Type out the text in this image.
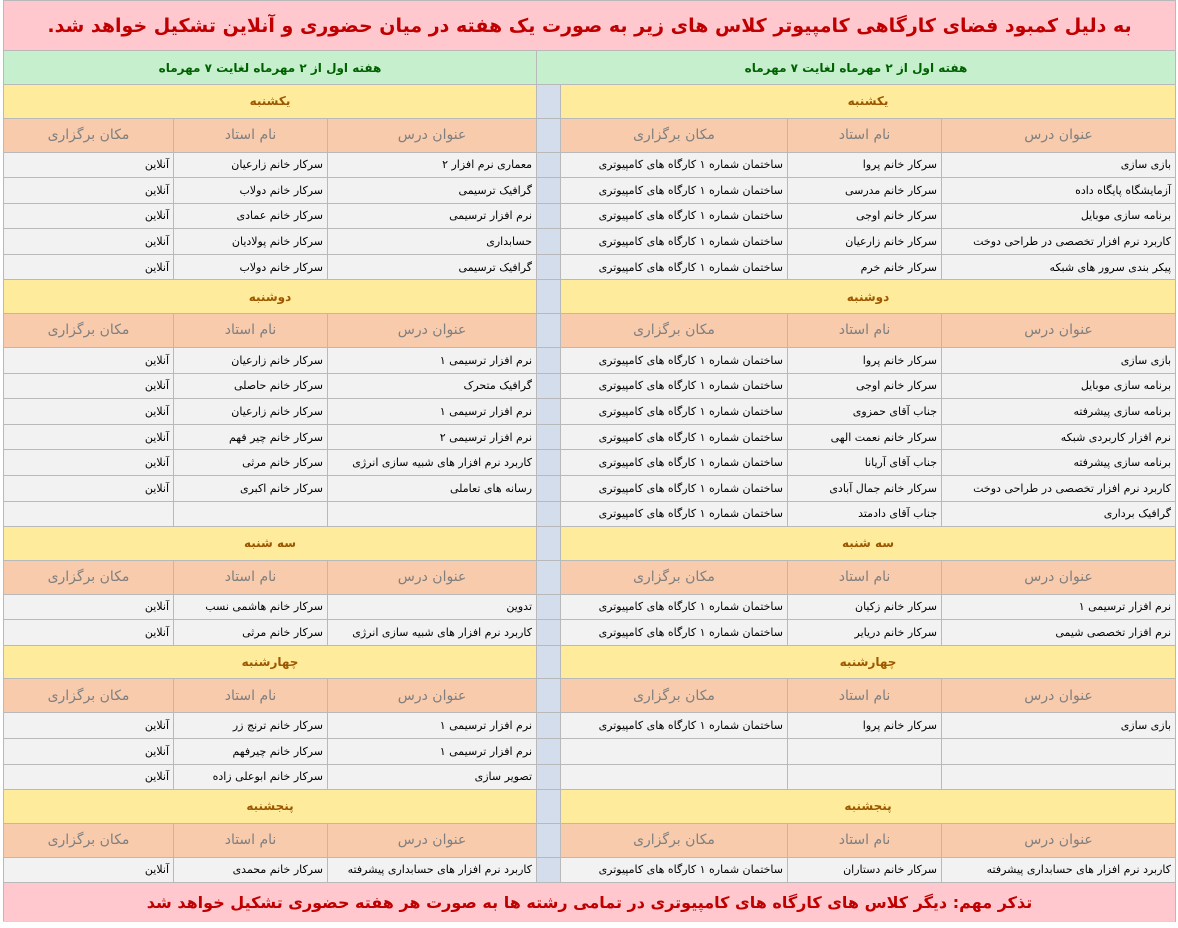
به دلیل کمبود فضای کارگاهی کامپیوتر کلاس های زیر به صورت یک هفته در میان حضوری و آنلاین تشکیل خواهد شد.						
هفته اول از ۲ مهرماه لغایت ۷ مهرماه				هفته اول از ۲ مهرماه لغایت ۷ مهرماه		
یکشنبه				یکشنبه		
عنوان درس	نام استاد	مکان برگزاری		عنوان درس	نام استاد	مکان برگزاری
بازی سازی	سرکار خانم پروا	ساختمان شماره ۱ کارگاه های کامپیوتری		معماری نرم افزار ۲	سرکار خانم زارعیان	آنلاین
آزمایشگاه پایگاه داده	سرکار خانم مدرسی	ساختمان شماره ۱ کارگاه های کامپیوتری		گرافیک ترسیمی	سرکار خانم دولاب	آنلاین
برنامه سازی موبایل	سرکار خانم اوجی	ساختمان شماره ۱ کارگاه های کامپیوتری		نرم افزار ترسیمی	سرکار خانم عمادی	آنلاین
کاربرد نرم افزار تخصصی در طراحی دوخت	سرکار خانم زارعیان	ساختمان شماره ۱ کارگاه های کامپیوتری		حسابداری	سرکار خانم پولادیان	آنلاین
پیکر بندی سرور های شبکه	سرکار خانم خرم	ساختمان شماره ۱ کارگاه های کامپیوتری		گرافیک ترسیمی	سرکار خانم دولاب	آنلاین
دوشنبه				دوشنبه		
عنوان درس	نام استاد	مکان برگزاری		عنوان درس	نام استاد	مکان برگزاری
بازی سازی	سرکار خانم پروا	ساختمان شماره ۱ کارگاه های کامپیوتری		نرم افزار ترسیمی ۱	سرکار خانم زارعیان	آنلاین
برنامه سازی موبایل	سرکار خانم اوجی	ساختمان شماره ۱ کارگاه های کامپیوتری		گرافیک متحرک	سرکار خانم حاصلی	آنلاین
برنامه سازی پیشرفته	جناب آقای حمزوی	ساختمان شماره ۱ کارگاه های کامپیوتری		نرم افزار ترسیمی ۱	سرکار خانم زارعیان	آنلاین
نرم افزار کاربردی شبکه	سرکار خانم نعمت الهی	ساختمان شماره ۱ کارگاه های کامپیوتری		نرم افزار ترسیمی ۲	سرکار خانم چیر فهم	آنلاین
برنامه سازی پیشرفته	جناب آقای آریانا	ساختمان شماره ۱ کارگاه های کامپیوتری		کاربرد نرم افزار های شبیه سازی انرژی	سرکار خانم مرثی	آنلاین
کاربرد نرم افزار تخصصی در طراحی دوخت	سرکار خانم جمال آبادی	ساختمان شماره ۱ کارگاه های کامپیوتری		رسانه های تعاملی	سرکار خانم اکبری	آنلاین
گرافیک برداری	جناب آقای دادمتد	ساختمان شماره ۱ کارگاه های کامپیوتری				
سه شنبه				سه شنبه		
عنوان درس	نام استاد	مکان برگزاری		عنوان درس	نام استاد	مکان برگزاری
نرم افزار ترسیمی ۱	سرکار خانم زکیان	ساختمان شماره ۱ کارگاه های کامپیوتری		تدوین	سرکار خانم هاشمی نسب	آنلاین
نرم افزار تخصصی شیمی	سرکار خانم دریایر	ساختمان شماره ۱ کارگاه های کامپیوتری		کاربرد نرم افزار های شبیه سازی انرژی	سرکار خانم مرثی	آنلاین
چهارشنبه				چهارشنبه		
عنوان درس	نام استاد	مکان برگزاری		عنوان درس	نام استاد	مکان برگزاری
بازی سازی	سرکار خانم پروا	ساختمان شماره ۱ کارگاه های کامپیوتری		نرم افزار ترسیمی ۱	سرکار خانم ترنج زر	آنلاین
				نرم افزار ترسیمی ۱	سرکار خانم چیرفهم	آنلاین
				تصویر سازی	سرکار خانم ابوعلی زاده	آنلاین
پنجشنبه				پنجشنبه		
عنوان درس	نام استاد	مکان برگزاری		عنوان درس	نام استاد	مکان برگزاری
کاربرد نرم افزار های حسابداری پیشرفته	سرکار خانم دستاران	ساختمان شماره ۱ کارگاه های کامپیوتری		کاربرد نرم افزار های حسابداری پیشرفته	سرکار خانم محمدی	آنلاین
تذکر مهم: دیگر کلاس های کارگاه های کامپیوتری در تمامی رشته ها به صورت هر هفته حضوری تشکیل خواهد شد						
